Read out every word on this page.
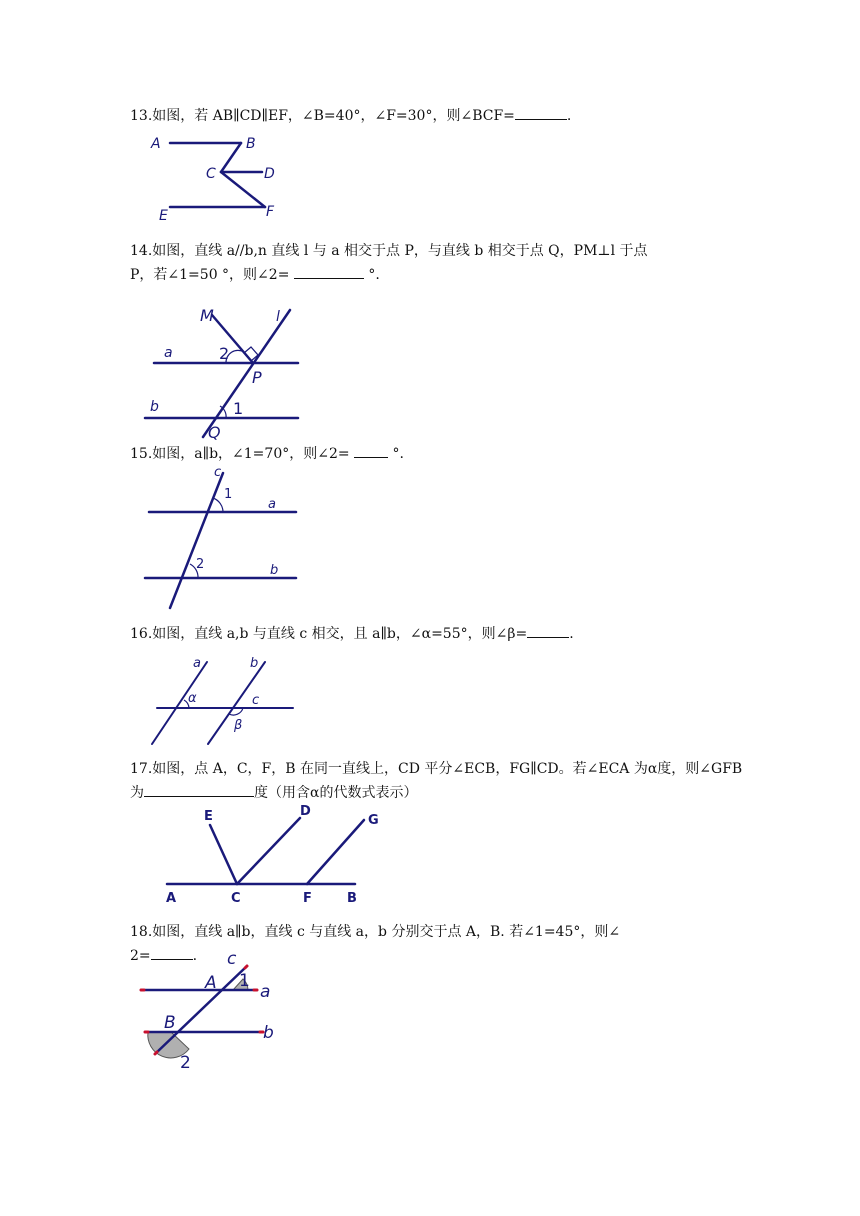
13.如图，若 AB∥CD∥EF，∠B=40°，∠F=30°，则∠BCF=	.
A	B
C	D
E	F
14.如图，直线 a//b,n 直线 l 与 a 相交于点 P，与直线 b 相交于点 Q，PM⊥l 于点
P，若∠1=50 °，则∠2=	°.
M	l
a	2
P
b	1
Q
15.如图，a∥b，∠1=70°，则∠2=	°.
c
1
a
2	b
16.如图，直线 a,b 与直线 c 相交，且 a∥b，∠α=55°，则∠β=	.
a	b
α	c
β
17.如图，点 A，C，F，B 在同一直线上，CD 平分∠ECB，FG∥CD。若∠ECA 为α度，则∠GFB
为	度（用含α的代数式表示）
E	D
G
A	C	F	B
18.如图，直线 a∥b，直线 c 与直线 a，b 分别交于点 A，B. 若∠1=45°，则∠
2=	.	c
A 1
a
B	b
2
